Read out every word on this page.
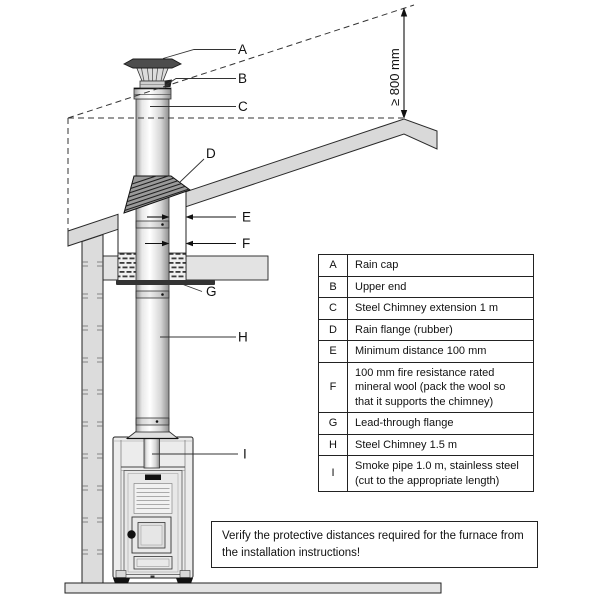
≥ 800 mm
A
B
C
D
E
F
G
H
I
A	Rain cap
B	Upper end
C	Steel Chimney extension 1 m
D	Rain flange (rubber)
E	Minimum distance 100 mm
F	100 mm fire resistance rated mineral wool (pack the wool so that it supports the chimney)
G	Lead-through flange
H	Steel Chimney 1.5 m
I	Smoke pipe 1.0 m, stainless steel (cut to the appropriate length)
Verify the protective distances required for the furnace from the installation instructions!
